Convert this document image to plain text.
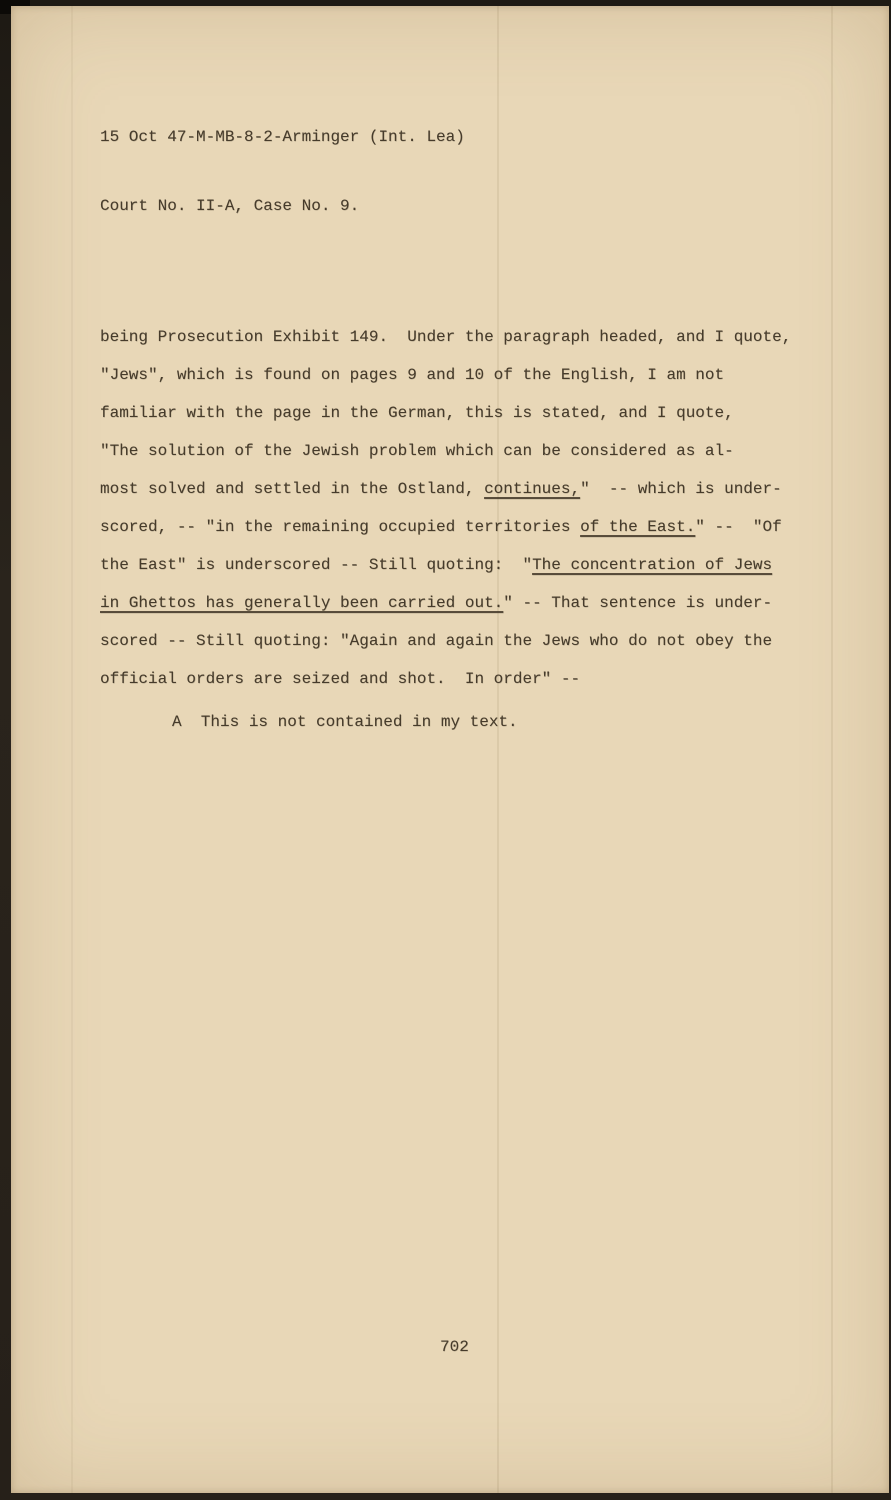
15 Oct 47-M-MB-8-2-Arminger (Int. Lea)

Court No. II-A, Case No. 9.

being Prosecution Exhibit 149.  Under the paragraph headed, and I quote,
"Jews", which is found on pages 9 and 10 of the English, I am not
familiar with the page in the German, this is stated, and I quote,
"The solution of the Jewish problem which can be considered as al-
most solved and settled in the Ostland, continues,"  -- which is under-
scored, -- "in the remaining occupied territories of the East." --  "Of
the East" is underscored -- Still quoting:  "The concentration of Jews
in Ghettos has generally been carried out." -- That sentence is under-
scored -- Still quoting: "Again and again the Jews who do not obey the
official orders are seized and shot.  In order" --
A  This is not contained in my text.
702
